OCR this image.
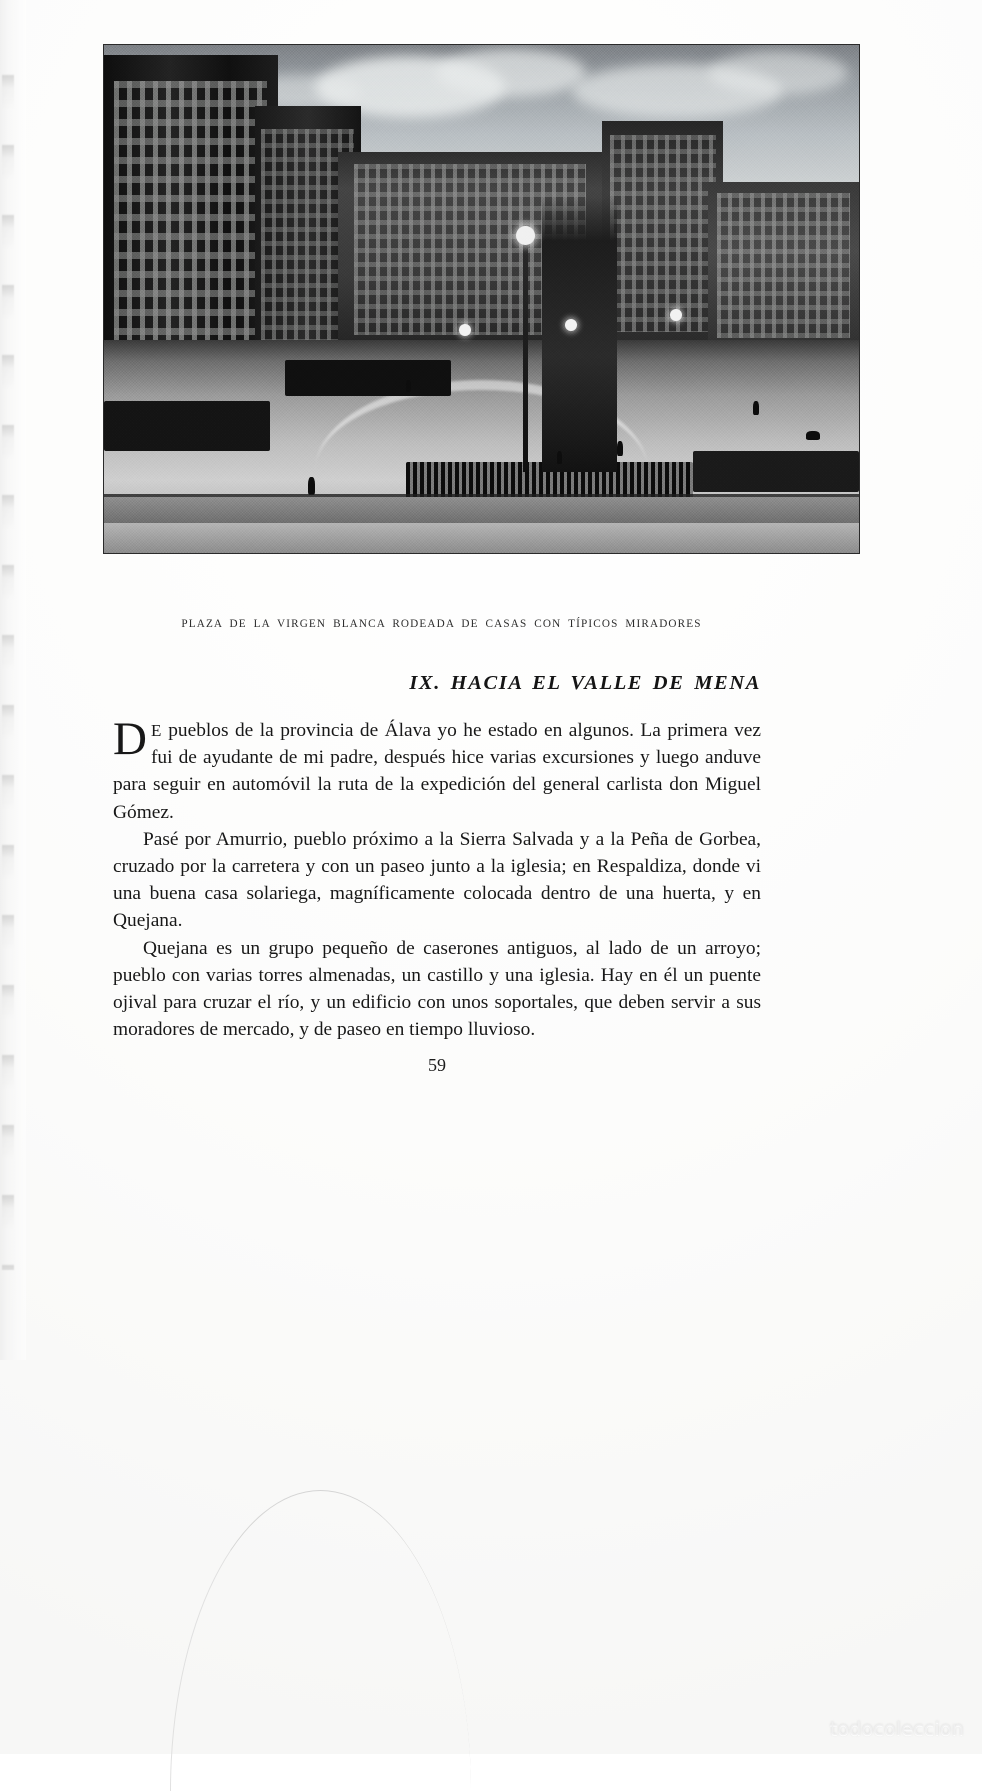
PLAZA DE LA VIRGEN BLANCA RODEADA DE CASAS CON TÍPICOS MIRADORES
IX. HACIA EL VALLE DE MENA

D E pueblos de la provincia de Álava yo he estado en algunos. La primera vez fui de ayudante de mi padre, después hice varias excursiones y luego anduve para seguir en automóvil la ruta de la expedición del general carlista don Miguel Gómez.

Pasé por Amurrio, pueblo próximo a la Sierra Salvada y a la Peña de Gorbea, cruzado por la carretera y con un paseo junto a la iglesia; en Respaldiza, donde vi una buena casa solariega, magníficamente colocada dentro de una huerta, y en Quejana.

Quejana es un grupo pequeño de caserones antiguos, al lado de un arroyo; pueblo con varias torres almenadas, un castillo y una iglesia. Hay en él un puente ojival para cruzar el río, y un edificio con unos soportales, que deben servir a sus moradores de mercado, y de paseo en tiempo lluvioso.

59
todocoleccion
